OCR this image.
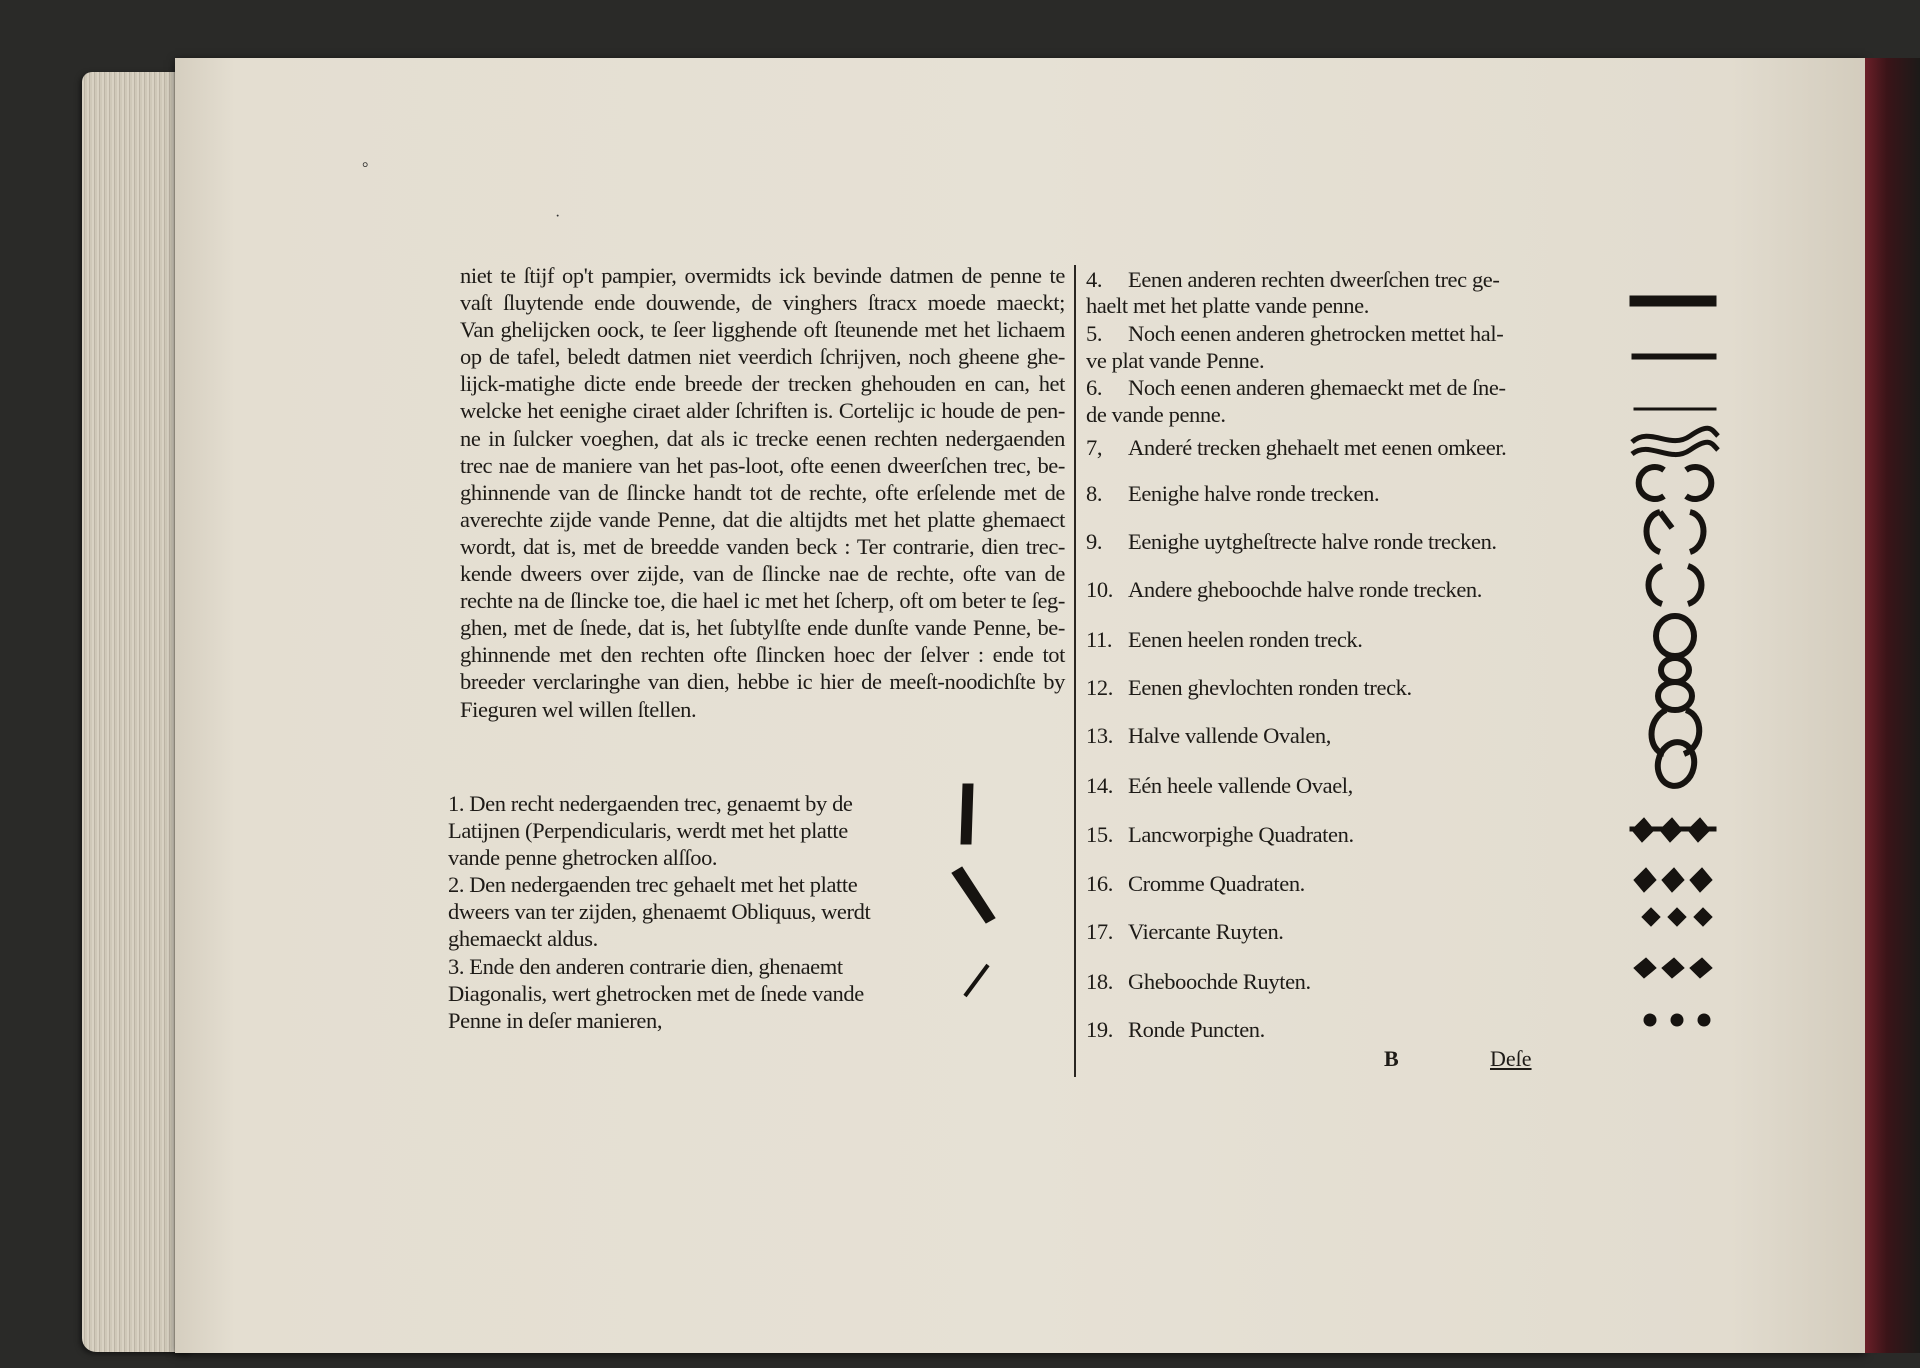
°
·
niet te ſtijf op't pampier, overmidts ick bevinde datmen de penne te
vaſt ſluytende ende douwende, de vinghers ſtracx moede maeckt;
Van ghelijcken oock, te ſeer ligghende oft ſteunende met het lichaem
op de tafel, beledt datmen niet veerdich ſchrijven, noch gheene ghe-
lijck-matighe dicte ende breede der trecken ghehouden en can, het
welcke het eenighe ciraet alder ſchriften is. Cortelijc ic houde de pen-
ne in ſulcker voeghen, dat als ic trecke eenen rechten nedergaenden
trec nae de maniere van het pas-loot, ofte eenen dweerſchen trec, be-
ghinnende van de ſlincke handt tot de rechte, ofte erſelende met de
averechte zijde vande Penne, dat die altijdts met het platte ghemaect
wordt, dat is, met de breedde vanden beck : Ter contrarie, dien trec-
kende dweers over zijde, van de ſlincke nae de rechte, ofte van de
rechte na de ſlincke toe, die hael ic met het ſcherp, oft om beter te ſeg-
ghen, met de ſnede, dat is, het ſubtylſte ende dunſte vande Penne, be-
ghinnende met den rechten ofte ſlincken hoec der ſelver : ende tot
breeder verclaringhe van dien, hebbe ic hier de meeſt-noodichſte by
Fieguren wel willen ſtellen.
1. Den recht nedergaenden trec, genaemt by de
Latijnen (Perpendicularis, werdt met het platte
vande penne ghetrocken alſſoo.
2. Den nedergaenden trec gehaelt met het platte
dweers van ter zijden, ghenaemt Obliquus, werdt
ghemaeckt aldus.
3. Ende den anderen contrarie dien, ghenaemt
Diagonalis, wert ghetrocken met de ſnede vande
Penne in deſer manieren,
4. Eenen anderen rechten dweerſchen trec ge-
haelt met het platte vande penne.
5. Noch eenen anderen ghetrocken mettet hal-
ve plat vande Penne.
6. Noch eenen anderen ghemaeckt met de ſne-
de vande penne.
7, Anderé trecken ghehaelt met eenen omkeer.
8. Eenighe halve ronde trecken.
9. Eenighe uytgheſtrecte halve ronde trecken.
10. Andere gheboochde halve ronde trecken.
11. Eenen heelen ronden treck.
12. Eenen ghevlochten ronden treck.
13. Halve vallende Ovalen,
14. Eén heele vallende Ovael,
15. Lancworpighe Quadraten.
16. Cromme Quadraten.
17. Viercante Ruyten.
18. Gheboochde Ruyten.
19. Ronde Puncten.
B	Deſe
